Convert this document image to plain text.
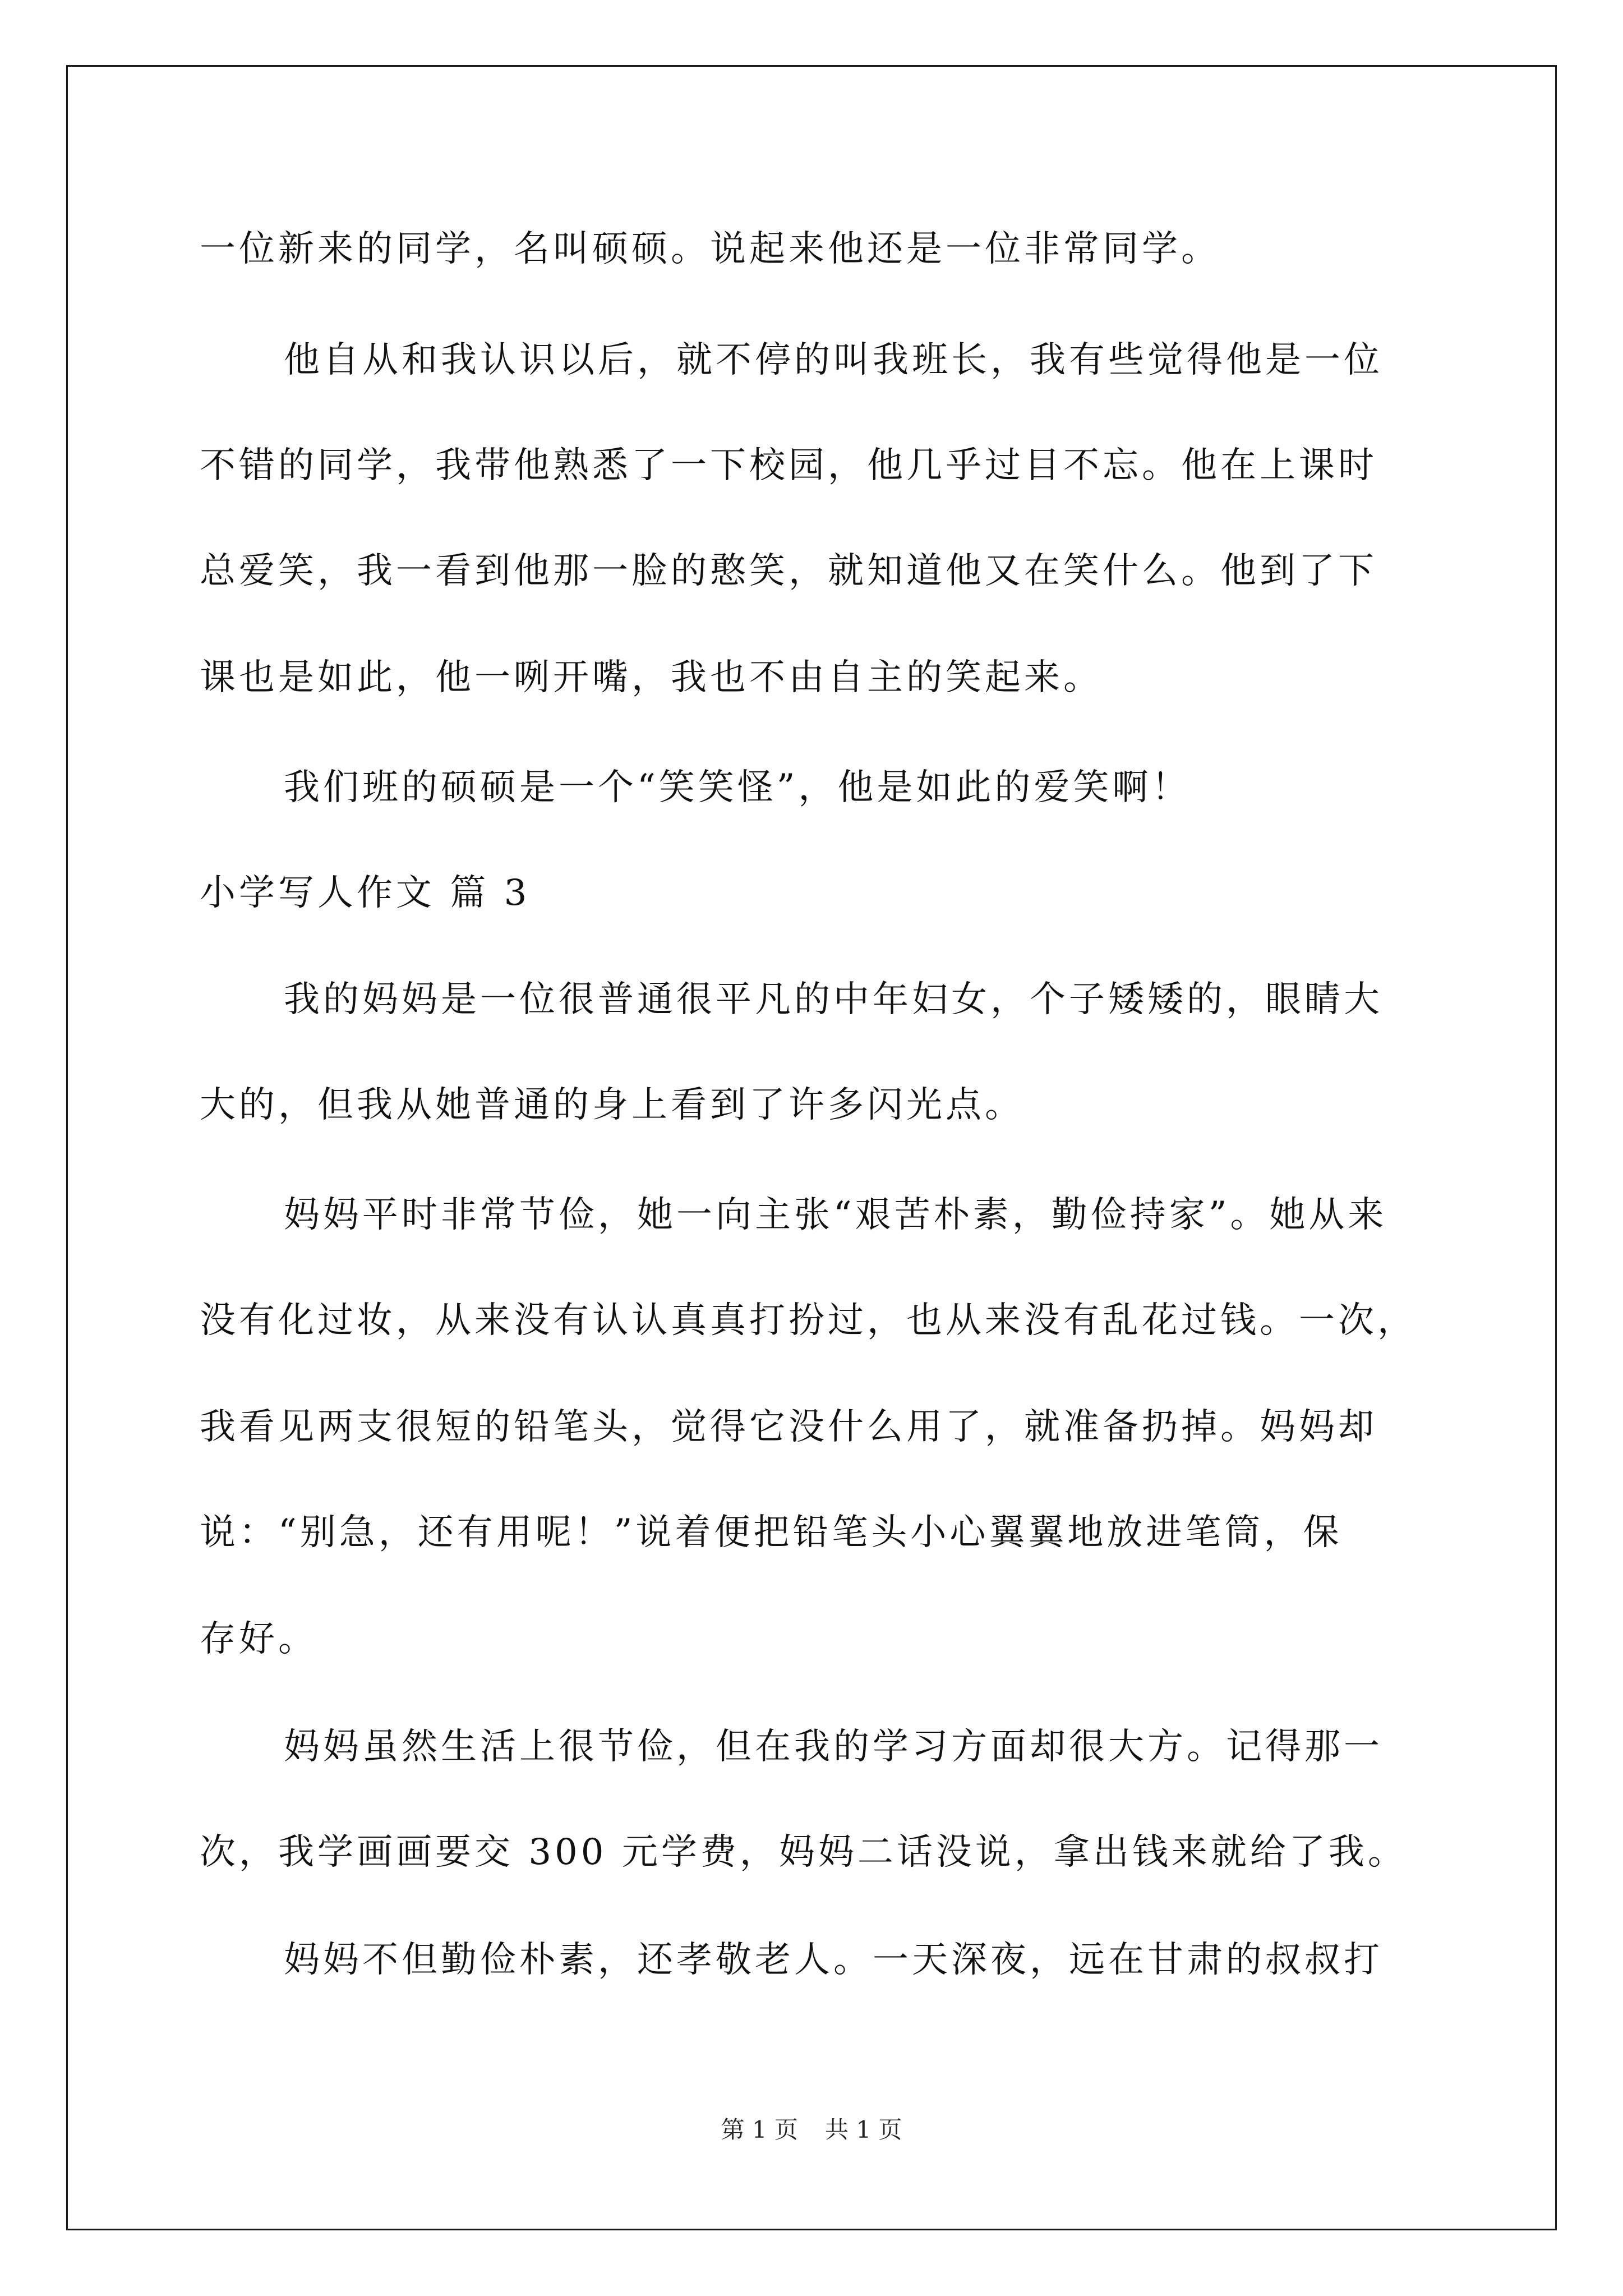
一位新来的同学，名叫硕硕。说起来他还是一位非常同学。
他自从和我认识以后，就不停的叫我班长，我有些觉得他是一位
不错的同学，我带他熟悉了一下校园，他几乎过目不忘。他在上课时
总爱笑，我一看到他那一脸的憨笑，就知道他又在笑什么。他到了下
课也是如此，他一咧开嘴，我也不由自主的笑起来。
我们班的硕硕是一个“笑笑怪”，他是如此的爱笑啊！
小学写人作文 篇 3
我的妈妈是一位很普通很平凡的中年妇女，个子矮矮的，眼睛大
大的，但我从她普通的身上看到了许多闪光点。
妈妈平时非常节俭，她一向主张“艰苦朴素，勤俭持家”。她从来
没有化过妆，从来没有认认真真打扮过，也从来没有乱花过钱。一次，
我看见两支很短的铅笔头，觉得它没什么用了，就准备扔掉。妈妈却
说：“别急，还有用呢！”说着便把铅笔头小心翼翼地放进笔筒，保
存好。
妈妈虽然生活上很节俭，但在我的学习方面却很大方。记得那一
次，我学画画要交 300 元学费，妈妈二话没说，拿出钱来就给了我。
妈妈不但勤俭朴素，还孝敬老人。一天深夜，远在甘肃的叔叔打
第 1 页 共 1 页
